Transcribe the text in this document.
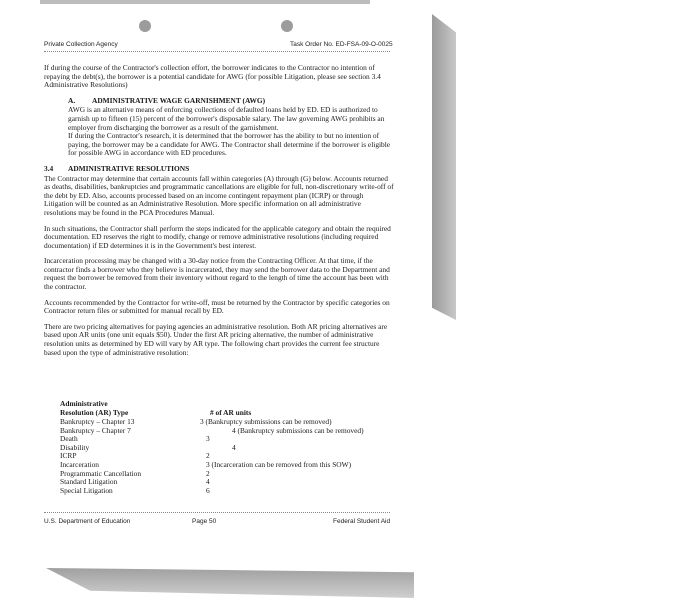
Private Collection Agency	Task Order No. ED-FSA-09-O-0025

If during the course of the Contractor's collection effort, the borrower indicates to the Contractor no intention of repaying the debt(s), the borrower is a potential candidate for AWG (for possible Litigation, please see section 3.4 Administrative Resolutions)

A.	ADMINISTRATIVE WAGE GARNISHMENT (AWG)

AWG is an alternative means of enforcing collections of defaulted loans held by ED. ED is authorized to garnish up to fifteen (15) percent of the borrower's disposable salary. The law governing AWG prohibits an employer from discharging the borrower as a result of the garnishment.

If during the Contractor's research, it is determined that the borrower has the ability to but no intention of paying, the borrower may be a candidate for AWG. The Contractor shall determine if the borrower is eligible for possible AWG in accordance with ED procedures.

3.4	ADMINISTRATIVE RESOLUTIONS

The Contractor may determine that certain accounts fall within categories (A) through (G) below. Accounts returned as deaths, disabilities, bankruptcies and programmatic cancellations are eligible for full, non-discretionary write-off of the debt by ED. Also, accounts processed based on an income contingent repayment plan (ICRP) or through Litigation will be counted as an Administrative Resolution. More specific information on all administrative resolutions may be found in the PCA Procedures Manual.

In such situations, the Contractor shall perform the steps indicated for the applicable category and obtain the required documentation. ED reserves the right to modify, change or remove administrative resolutions (including required documentation) if ED determines it is in the Government's best interest.

Incarceration processing may be changed with a 30-day notice from the Contracting Officer. At that time, if the contractor finds a borrower who they believe is incarcerated, they may send the borrower data to the Department and request the borrower be removed from their inventory without regard to the length of time the account has been with the contractor.

Accounts recommended by the Contractor for write-off, must be returned by the Contractor by specific categories on Contractor return files or submitted for manual recall by ED.

There are two pricing alternatives for paying agencies an administrative resolution. Both AR pricing alternatives are based upon AR units (one unit equals $50). Under the first AR pricing alternative, the number of administrative resolution units as determined by ED will vary by AR type. The following chart provides the current fee structure based upon the type of administrative resolution:

Administrative
Resolution (AR) Type	# of AR units
Bankruptcy – Chapter 13	3 (Bankruptcy submissions can be removed)
Bankruptcy – Chapter 7	4 (Bankruptcy submissions can be removed)
Death	3
Disability	4
ICRP	2
Incarceration	3 (Incarceration can be removed from this SOW)
Programmatic Cancellation	2
Standard Litigation	4
Special Litigation	6
U.S. Department of Education	Page 50	Federal Student Aid
